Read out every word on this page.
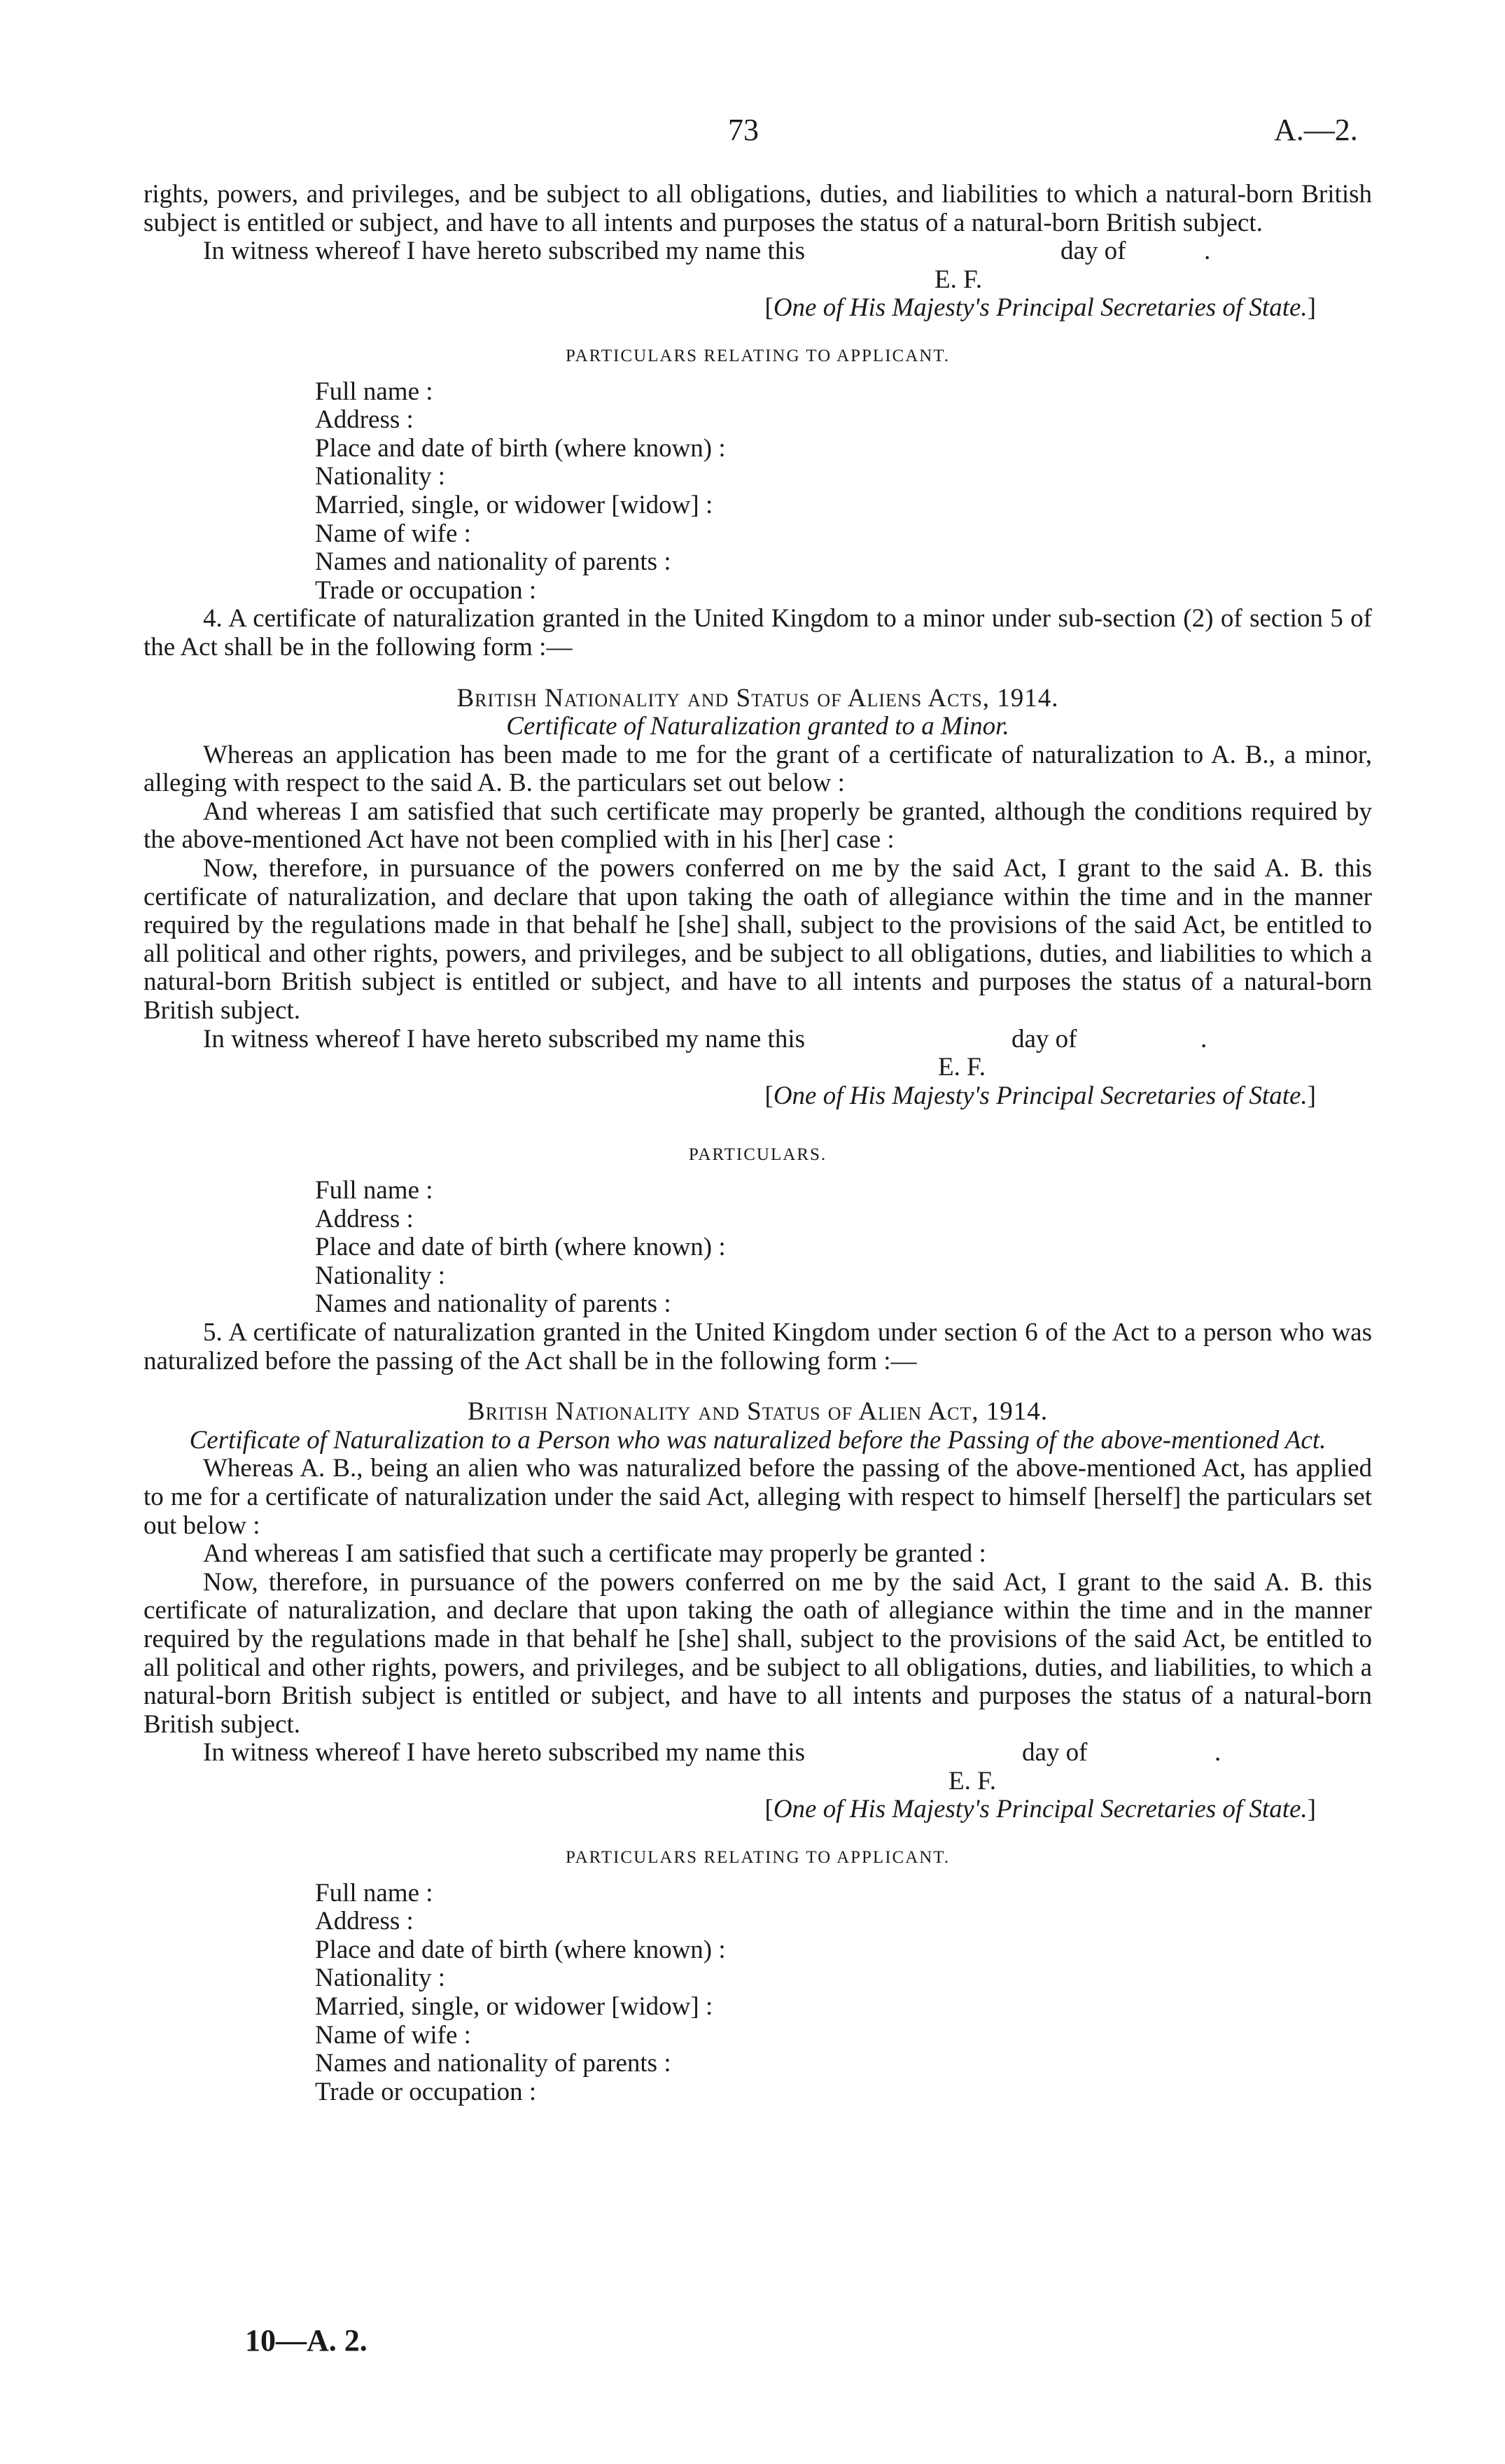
73	A.—2.

rights, powers, and privileges, and be subject to all obligations, duties, and liabilities to which a natural-born British subject is entitled or subject, and have to all intents and purposes the status of a natural-born British subject.

In witness whereof I have hereto subscribed my name this	day of	.
E. F.

[One of His Majesty's Principal Secretaries of State.]

PARTICULARS RELATING TO APPLICANT.

Full name :

Address :

Place and date of birth (where known) :

Nationality :

Married, single, or widower [widow] :

Name of wife :

Names and nationality of parents :

Trade or occupation :

4. A certificate of naturalization granted in the United Kingdom to a minor under sub-section (2) of section 5 of the Act shall be in the following form :—

British Nationality and Status of Aliens Acts, 1914.

Certificate of Naturalization granted to a Minor.

Whereas an application has been made to me for the grant of a certificate of naturalization to A. B., a minor, alleging with respect to the said A. B. the particulars set out below :

And whereas I am satisfied that such certificate may properly be granted, although the conditions required by the above-mentioned Act have not been complied with in his [her] case :

Now, therefore, in pursuance of the powers conferred on me by the said Act, I grant to the said A. B. this certificate of naturalization, and declare that upon taking the oath of allegiance within the time and in the manner required by the regulations made in that behalf he [she] shall, subject to the provisions of the said Act, be entitled to all political and other rights, powers, and privileges, and be subject to all obligations, duties, and liabilities to which a natural-born British subject is entitled or subject, and have to all intents and purposes the status of a natural-born British subject.

In witness whereof I have hereto subscribed my name this	day of	.
E. F.

[One of His Majesty's Principal Secretaries of State.]

PARTICULARS.

Full name :

Address :

Place and date of birth (where known) :

Nationality :

Names and nationality of parents :

5. A certificate of naturalization granted in the United Kingdom under section 6 of the Act to a person who was naturalized before the passing of the Act shall be in the following form :—

British Nationality and Status of Alien Act, 1914.

Certificate of Naturalization to a Person who was naturalized before the Passing of the above-mentioned Act.

Whereas A. B., being an alien who was naturalized before the passing of the above-mentioned Act, has applied to me for a certificate of naturalization under the said Act, alleging with respect to himself [herself] the particulars set out below :

And whereas I am satisfied that such a certificate may properly be granted :

Now, therefore, in pursuance of the powers conferred on me by the said Act, I grant to the said A. B. this certificate of naturalization, and declare that upon taking the oath of allegiance within the time and in the manner required by the regulations made in that behalf he [she] shall, subject to the provisions of the said Act, be entitled to all political and other rights, powers, and privileges, and be subject to all obligations, duties, and liabilities, to which a natural-born British subject is entitled or subject, and have to all intents and purposes the status of a natural-born British subject.

In witness whereof I have hereto subscribed my name this	day of	.
E. F.

[One of His Majesty's Principal Secretaries of State.]

PARTICULARS RELATING TO APPLICANT.

Full name :

Address :

Place and date of birth (where known) :

Nationality :

Married, single, or widower [widow] :

Name of wife :

Names and nationality of parents :

Trade or occupation :

10—A. 2.
